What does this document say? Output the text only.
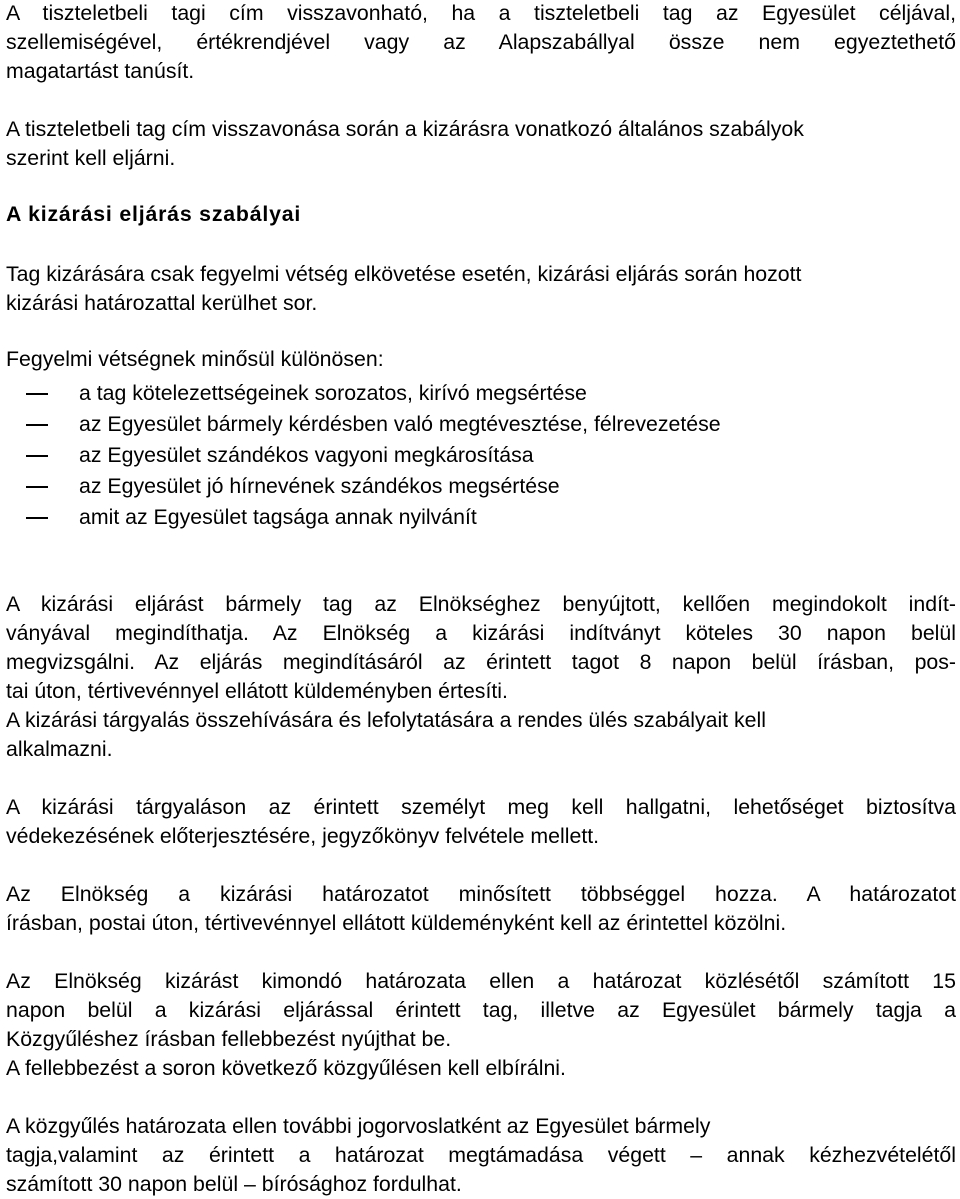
A tiszteletbeli tagi cím visszavonható, ha a tiszteletbeli tag az Egyesület céljával,
szellemiségével, értékrendjével vagy az Alapszabállyal össze nem egyeztethető
magatartást tanúsít.
A tiszteletbeli tag cím visszavonása során a kizárásra vonatkozó általános szabályok
szerint kell eljárni.
A kizárási eljárás szabályai
Tag kizárására csak fegyelmi vétség elkövetése esetén, kizárási eljárás során hozott
kizárási határozattal kerülhet sor.
Fegyelmi vétségnek minősül különösen:
a tag kötelezettségeinek sorozatos, kirívó megsértése
az Egyesület bármely kérdésben való megtévesztése, félrevezetése
az Egyesület szándékos vagyoni megkárosítása
az Egyesület jó hírnevének szándékos megsértése
amit az Egyesület tagsága annak nyilvánít
A kizárási eljárást bármely tag az Elnökséghez benyújtott, kellően megindokolt indít-
ványával megindíthatja. Az Elnökség a kizárási indítványt köteles 30 napon belül
megvizsgálni. Az eljárás megindításáról az érintett tagot 8 napon belül írásban, pos-
tai úton, tértivevénnyel ellátott küldeményben értesíti.
A kizárási tárgyalás összehívására és lefolytatására a rendes ülés szabályait kell
alkalmazni.
A kizárási tárgyaláson az érintett személyt meg kell hallgatni, lehetőséget biztosítva
védekezésének előterjesztésére, jegyzőkönyv felvétele mellett.
Az Elnökség a kizárási határozatot minősített többséggel hozza. A határozatot
írásban, postai úton, tértivevénnyel ellátott küldeményként kell az érintettel közölni.
Az Elnökség kizárást kimondó határozata ellen a határozat közlésétől számított 15
napon belül a kizárási eljárással érintett tag, illetve az Egyesület bármely tagja a
Közgyűléshez írásban fellebbezést nyújthat be.
A fellebbezést a soron következő közgyűlésen kell elbírálni.
A közgyűlés határozata ellen további jogorvoslatként az Egyesület bármely
tagja,valamint az érintett a határozat megtámadása végett – annak kézhezvételétől
számított 30 napon belül – bírósághoz fordulhat.
